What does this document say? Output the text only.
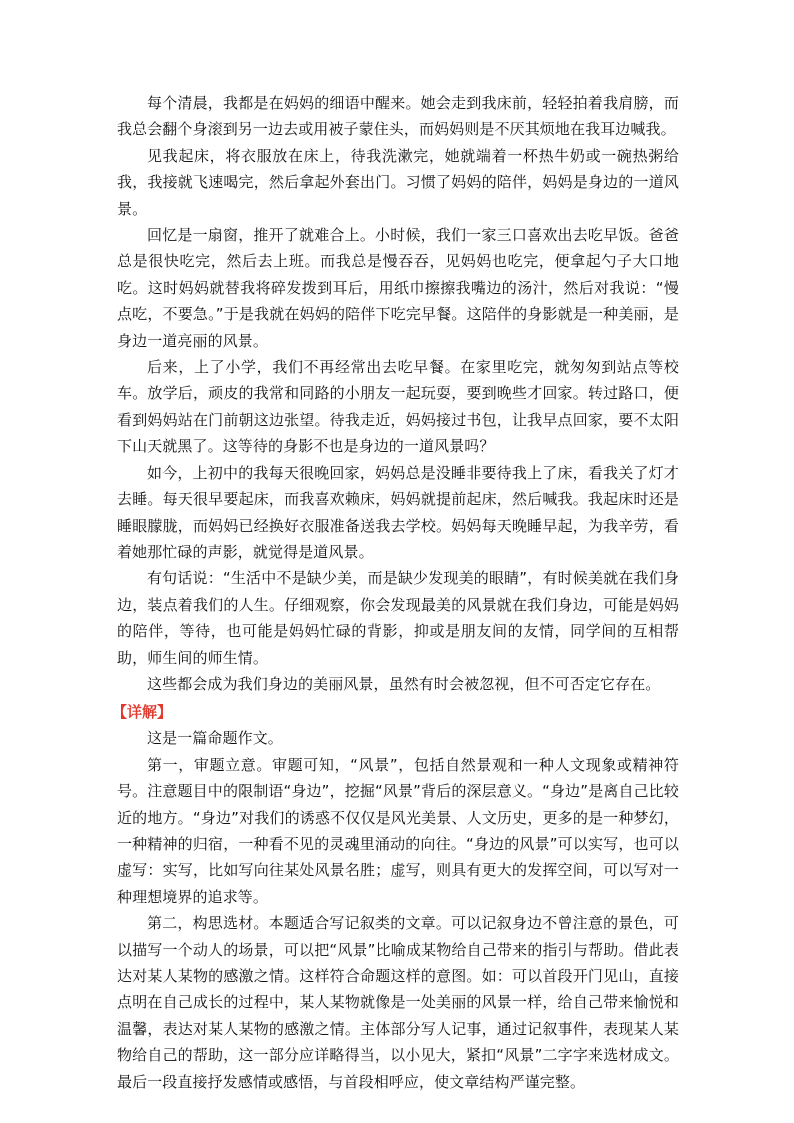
每个清晨，我都是在妈妈的细语中醒来。她会走到我床前，轻轻拍着我肩膀，而我总会翻个身滚到另一边去或用被子蒙住头，而妈妈则是不厌其烦地在我耳边喊我。

见我起床，将衣服放在床上，待我洗漱完，她就端着一杯热牛奶或一碗热粥给我，我接就飞速喝完，然后拿起外套出门。习惯了妈妈的陪伴，妈妈是身边的一道风景。

回忆是一扇窗，推开了就难合上。小时候，我们一家三口喜欢出去吃早饭。爸爸总是很快吃完，然后去上班。而我总是慢吞吞，见妈妈也吃完，便拿起勺子大口地吃。这时妈妈就替我将碎发拨到耳后，用纸巾擦擦我嘴边的汤汁，然后对我说：“慢点吃，不要急。”于是我就在妈妈的陪伴下吃完早餐。这陪伴的身影就是一种美丽，是身边一道亮丽的风景。

后来，上了小学，我们不再经常出去吃早餐。在家里吃完，就匆匆到站点等校车。放学后，顽皮的我常和同路的小朋友一起玩耍，要到晚些才回家。转过路口，便看到妈妈站在门前朝这边张望。待我走近，妈妈接过书包，让我早点回家，要不太阳下山天就黑了。这等待的身影不也是身边的一道风景吗？

如今，上初中的我每天很晚回家，妈妈总是没睡非要待我上了床，看我关了灯才去睡。每天很早要起床，而我喜欢赖床，妈妈就提前起床，然后喊我。我起床时还是睡眼朦胧，而妈妈已经换好衣服准备送我去学校。妈妈每天晚睡早起，为我辛劳，看着她那忙碌的声影，就觉得是道风景。

有句话说：“生活中不是缺少美，而是缺少发现美的眼睛”，有时候美就在我们身边，装点着我们的人生。仔细观察，你会发现最美的风景就在我们身边，可能是妈妈的陪伴，等待，也可能是妈妈忙碌的背影，抑或是朋友间的友情，同学间的互相帮助，师生间的师生情。

这些都会成为我们身边的美丽风景，虽然有时会被忽视，但不可否定它存在。

【详解】

这是一篇命题作文。

第一，审题立意。审题可知，“风景”，包括自然景观和一种人文现象或精神符号。注意题目中的限制语“身边”，挖掘“风景”背后的深层意义。“身边”是离自己比较近的地方。“身边”对我们的诱惑不仅仅是风光美景、人文历史，更多的是一种梦幻，一种精神的归宿，一种看不见的灵魂里涌动的向往。“身边的风景”可以实写，也可以虚写：实写，比如写向往某处风景名胜；虚写，则具有更大的发挥空间，可以写对一种理想境界的追求等。

第二，构思选材。本题适合写记叙类的文章。可以记叙身边不曾注意的景色，可以描写一个动人的场景，可以把“风景”比喻成某物给自己带来的指引与帮助。借此表达对某人某物的感激之情。这样符合命题这样的意图。如：可以首段开门见山，直接点明在自己成长的过程中，某人某物就像是一处美丽的风景一样，给自己带来愉悦和温馨，表达对某人某物的感激之情。主体部分写人记事，通过记叙事件，表现某人某物给自己的帮助，这一部分应详略得当，以小见大，紧扣“风景”二字字来选材成文。最后一段直接抒发感情或感悟，与首段相呼应，使文章结构严谨完整。
